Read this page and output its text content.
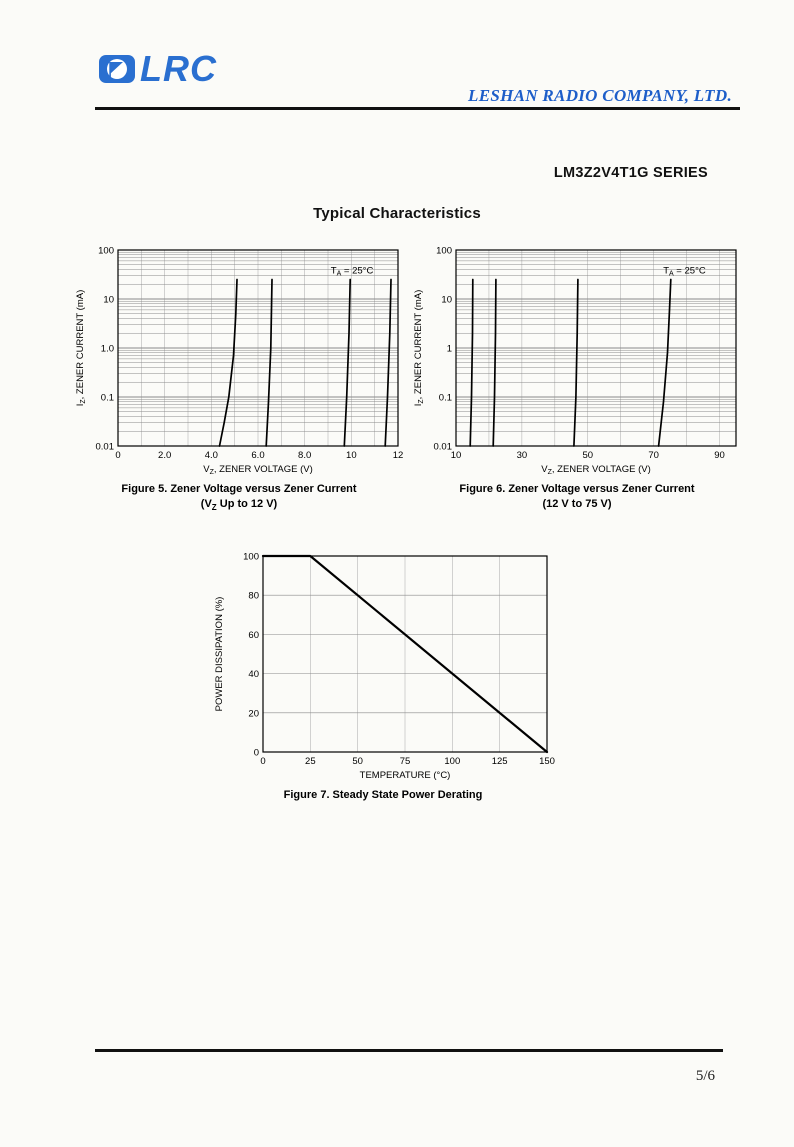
LRC
LESHAN RADIO COMPANY, LTD.
LM3Z2V4T1G SERIES
Typical Characteristics
0	2.0	4.0	6.0	8.0	10	12
100
10
1.0
0.1
0.01
$V_Z$, ZENER VOLTAGE (V)
$I_Z$, ZENER CURRENT (mA)
$T_A = 25^\circ C$
Figure 5. Zener Voltage versus Zener Current
($V_Z$ Up to 12 V)
10	30	50	70	90
100
10
1
0.1
0.01
$V_Z$, ZENER VOLTAGE (V)
$I_Z$, ZENER CURRENT (mA)
$T_A = 25^\circ C$
Figure 6. Zener Voltage versus Zener Current
(12 V to 75 V)
0	25	50	75	100	125	150
0
20
40
60
80
100
TEMPERATURE (°C)
POWER DISSIPATION (%)
Figure 7. Steady State Power Derating
5/6
